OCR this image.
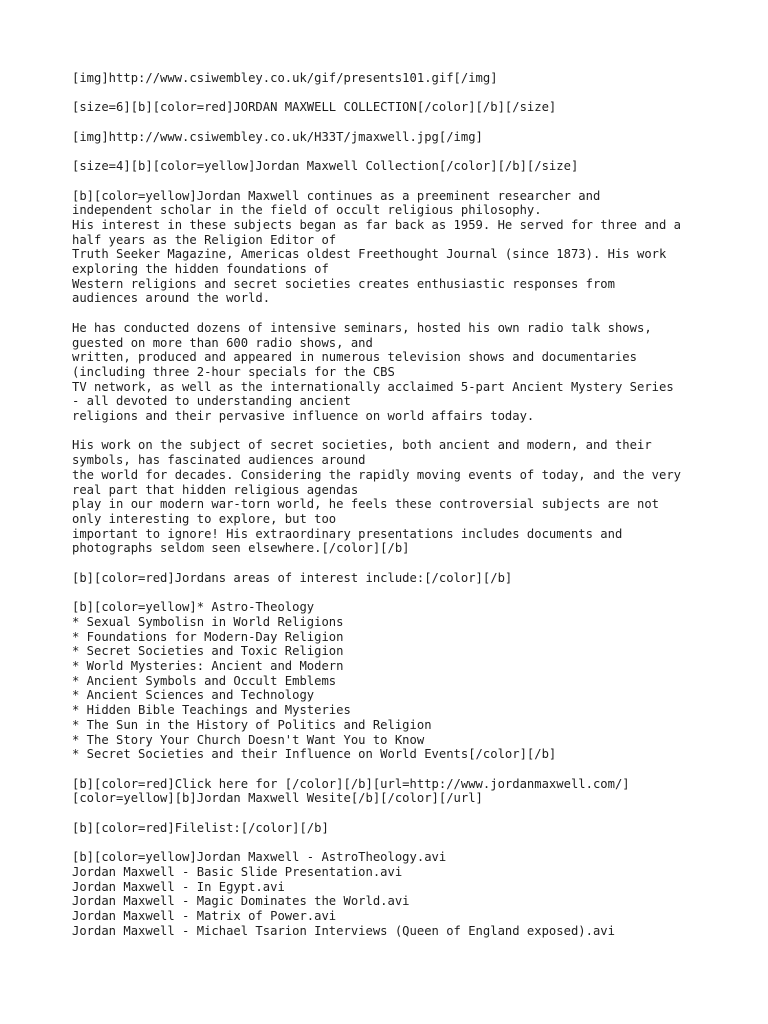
[img]http://www.csiwembley.co.uk/gif/presents101.gif[/img]
[size=6][b][color=red]JORDAN MAXWELL COLLECTION[/color][/b][/size]
[img]http://www.csiwembley.co.uk/H33T/jmaxwell.jpg[/img]
[size=4][b][color=yellow]Jordan Maxwell Collection[/color][/b][/size]
[b][color=yellow]Jordan Maxwell continues as a preeminent researcher and
independent scholar in the field of occult religious philosophy.
His interest in these subjects began as far back as 1959. He served for three and a
half years as the Religion Editor of
Truth Seeker Magazine, Americas oldest Freethought Journal (since 1873). His work
exploring the hidden foundations of
Western religions and secret societies creates enthusiastic responses from
audiences around the world.
He has conducted dozens of intensive seminars, hosted his own radio talk shows,
guested on more than 600 radio shows, and
written, produced and appeared in numerous television shows and documentaries
(including three 2-hour specials for the CBS
TV network, as well as the internationally acclaimed 5-part Ancient Mystery Series
- all devoted to understanding ancient
religions and their pervasive influence on world affairs today.
His work on the subject of secret societies, both ancient and modern, and their
symbols, has fascinated audiences around
the world for decades. Considering the rapidly moving events of today, and the very
real part that hidden religious agendas
play in our modern war-torn world, he feels these controversial subjects are not
only interesting to explore, but too
important to ignore! His extraordinary presentations includes documents and
photographs seldom seen elsewhere.[/color][/b]
[b][color=red]Jordans areas of interest include:[/color][/b]
[b][color=yellow]* Astro-Theology
* Sexual Symbolisn in World Religions
* Foundations for Modern-Day Religion
* Secret Societies and Toxic Religion
* World Mysteries: Ancient and Modern
* Ancient Symbols and Occult Emblems
* Ancient Sciences and Technology
* Hidden Bible Teachings and Mysteries
* The Sun in the History of Politics and Religion
* The Story Your Church Doesn't Want You to Know
* Secret Societies and their Influence on World Events[/color][/b]
[b][color=red]Click here for [/color][/b][url=http://www.jordanmaxwell.com/]
[color=yellow][b]Jordan Maxwell Wesite[/b][/color][/url]
[b][color=red]Filelist:[/color][/b]
[b][color=yellow]Jordan Maxwell - AstroTheology.avi
Jordan Maxwell - Basic Slide Presentation.avi
Jordan Maxwell - In Egypt.avi
Jordan Maxwell - Magic Dominates the World.avi
Jordan Maxwell - Matrix of Power.avi
Jordan Maxwell - Michael Tsarion Interviews (Queen of England exposed).avi
